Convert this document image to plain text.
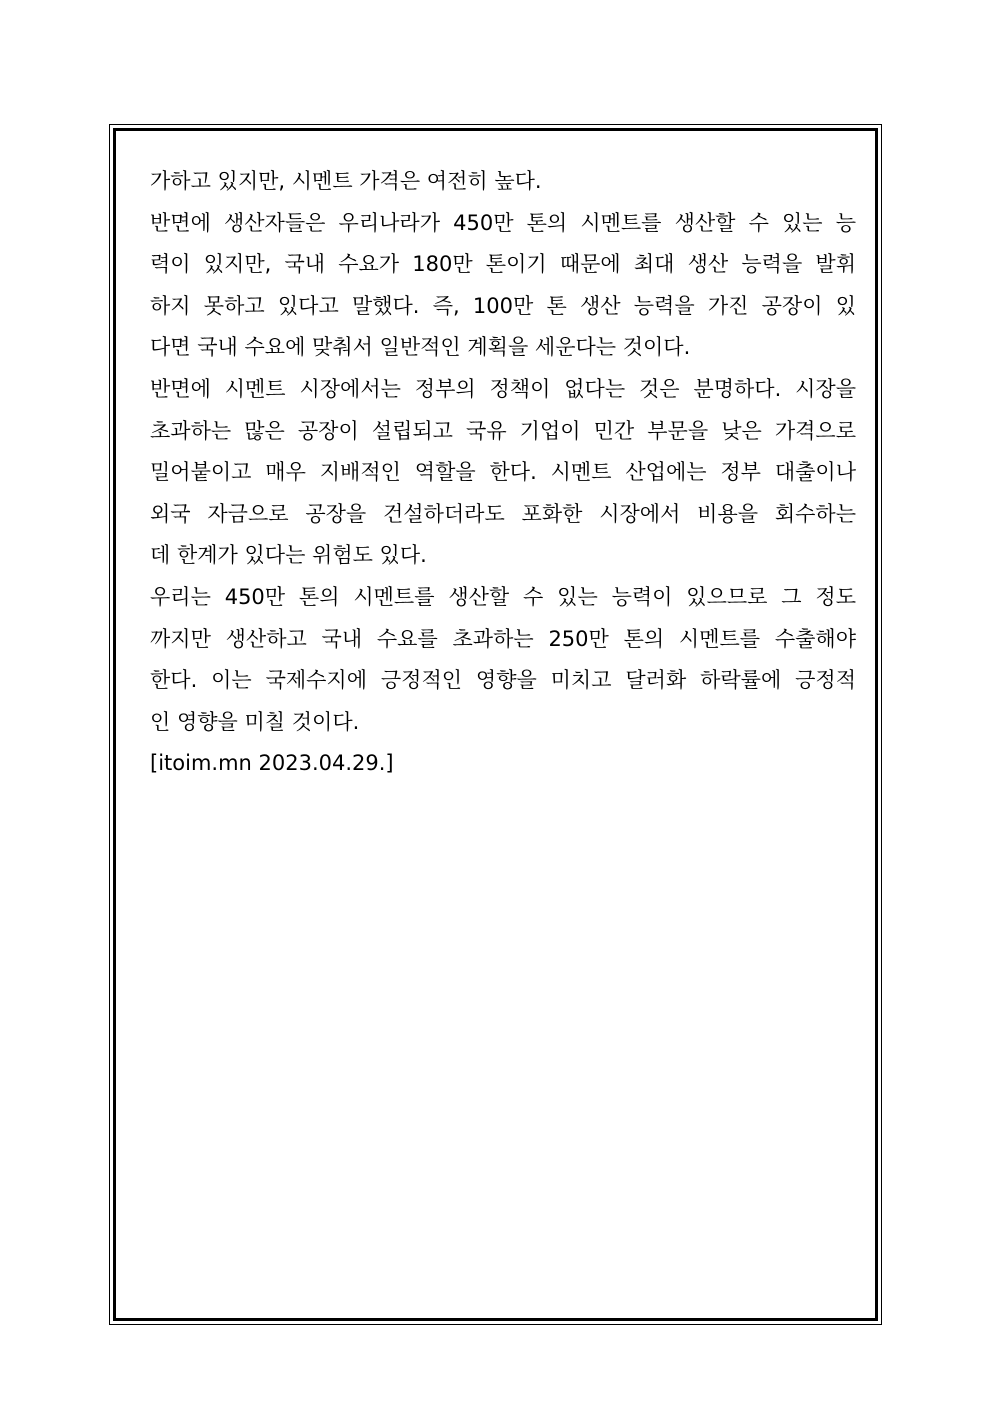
가하고 있지만, 시멘트 가격은 여전히 높다.
반면에 생산자들은 우리나라가 450만 톤의 시멘트를 생산할 수 있는 능
력이 있지만, 국내 수요가 180만 톤이기 때문에 최대 생산 능력을 발휘
하지 못하고 있다고 말했다. 즉, 100만 톤 생산 능력을 가진 공장이 있
다면 국내 수요에 맞춰서 일반적인 계획을 세운다는 것이다.
반면에 시멘트 시장에서는 정부의 정책이 없다는 것은 분명하다. 시장을
초과하는 많은 공장이 설립되고 국유 기업이 민간 부문을 낮은 가격으로
밀어붙이고 매우 지배적인 역할을 한다. 시멘트 산업에는 정부 대출이나
외국 자금으로 공장을 건설하더라도 포화한 시장에서 비용을 회수하는
데 한계가 있다는 위험도 있다.
우리는 450만 톤의 시멘트를 생산할 수 있는 능력이 있으므로 그 정도
까지만 생산하고 국내 수요를 초과하는 250만 톤의 시멘트를 수출해야
한다. 이는 국제수지에 긍정적인 영향을 미치고 달러화 하락률에 긍정적
인 영향을 미칠 것이다.
[itoim.mn 2023.04.29.]
